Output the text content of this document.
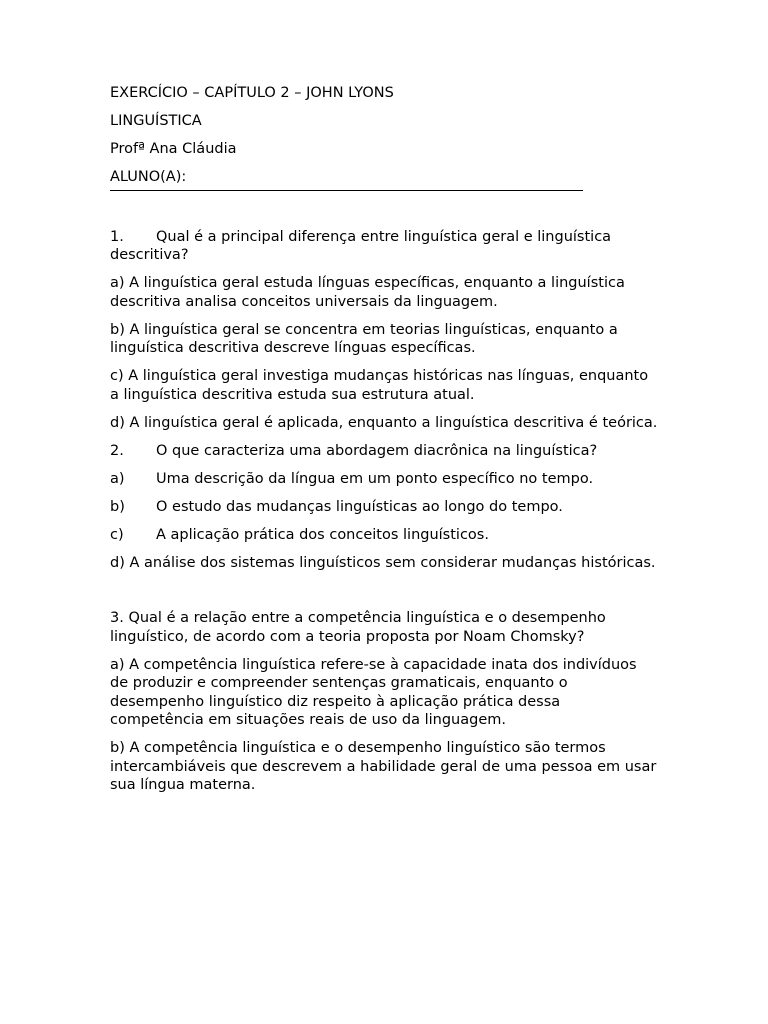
EXERCÍCIO – CAPÍTULO 2 – JOHN LYONS
LINGUÍSTICA
Profª Ana Cláudia
ALUNO(A):
1. Qual é a principal diferença entre linguística geral e linguística descritiva?
a) A linguística geral estuda línguas específicas, enquanto a linguística descritiva analisa conceitos universais da linguagem.
b) A linguística geral se concentra em teorias linguísticas, enquanto a linguística descritiva descreve línguas específicas.
c) A linguística geral investiga mudanças históricas nas línguas, enquanto a linguística descritiva estuda sua estrutura atual.
d) A linguística geral é aplicada, enquanto a linguística descritiva é teórica.
2. O que caracteriza uma abordagem diacrônica na linguística?
a) Uma descrição da língua em um ponto específico no tempo.
b) O estudo das mudanças linguísticas ao longo do tempo.
c) A aplicação prática dos conceitos linguísticos.
d) A análise dos sistemas linguísticos sem considerar mudanças históricas.
3. Qual é a relação entre a competência linguística e o desempenho linguístico, de acordo com a teoria proposta por Noam Chomsky?
a) A competência linguística refere-se à capacidade inata dos indivíduos de produzir e compreender sentenças gramaticais, enquanto o desempenho linguístico diz respeito à aplicação prática dessa competência em situações reais de uso da linguagem.
b) A competência linguística e o desempenho linguístico são termos intercambiáveis que descrevem a habilidade geral de uma pessoa em usar sua língua materna.
